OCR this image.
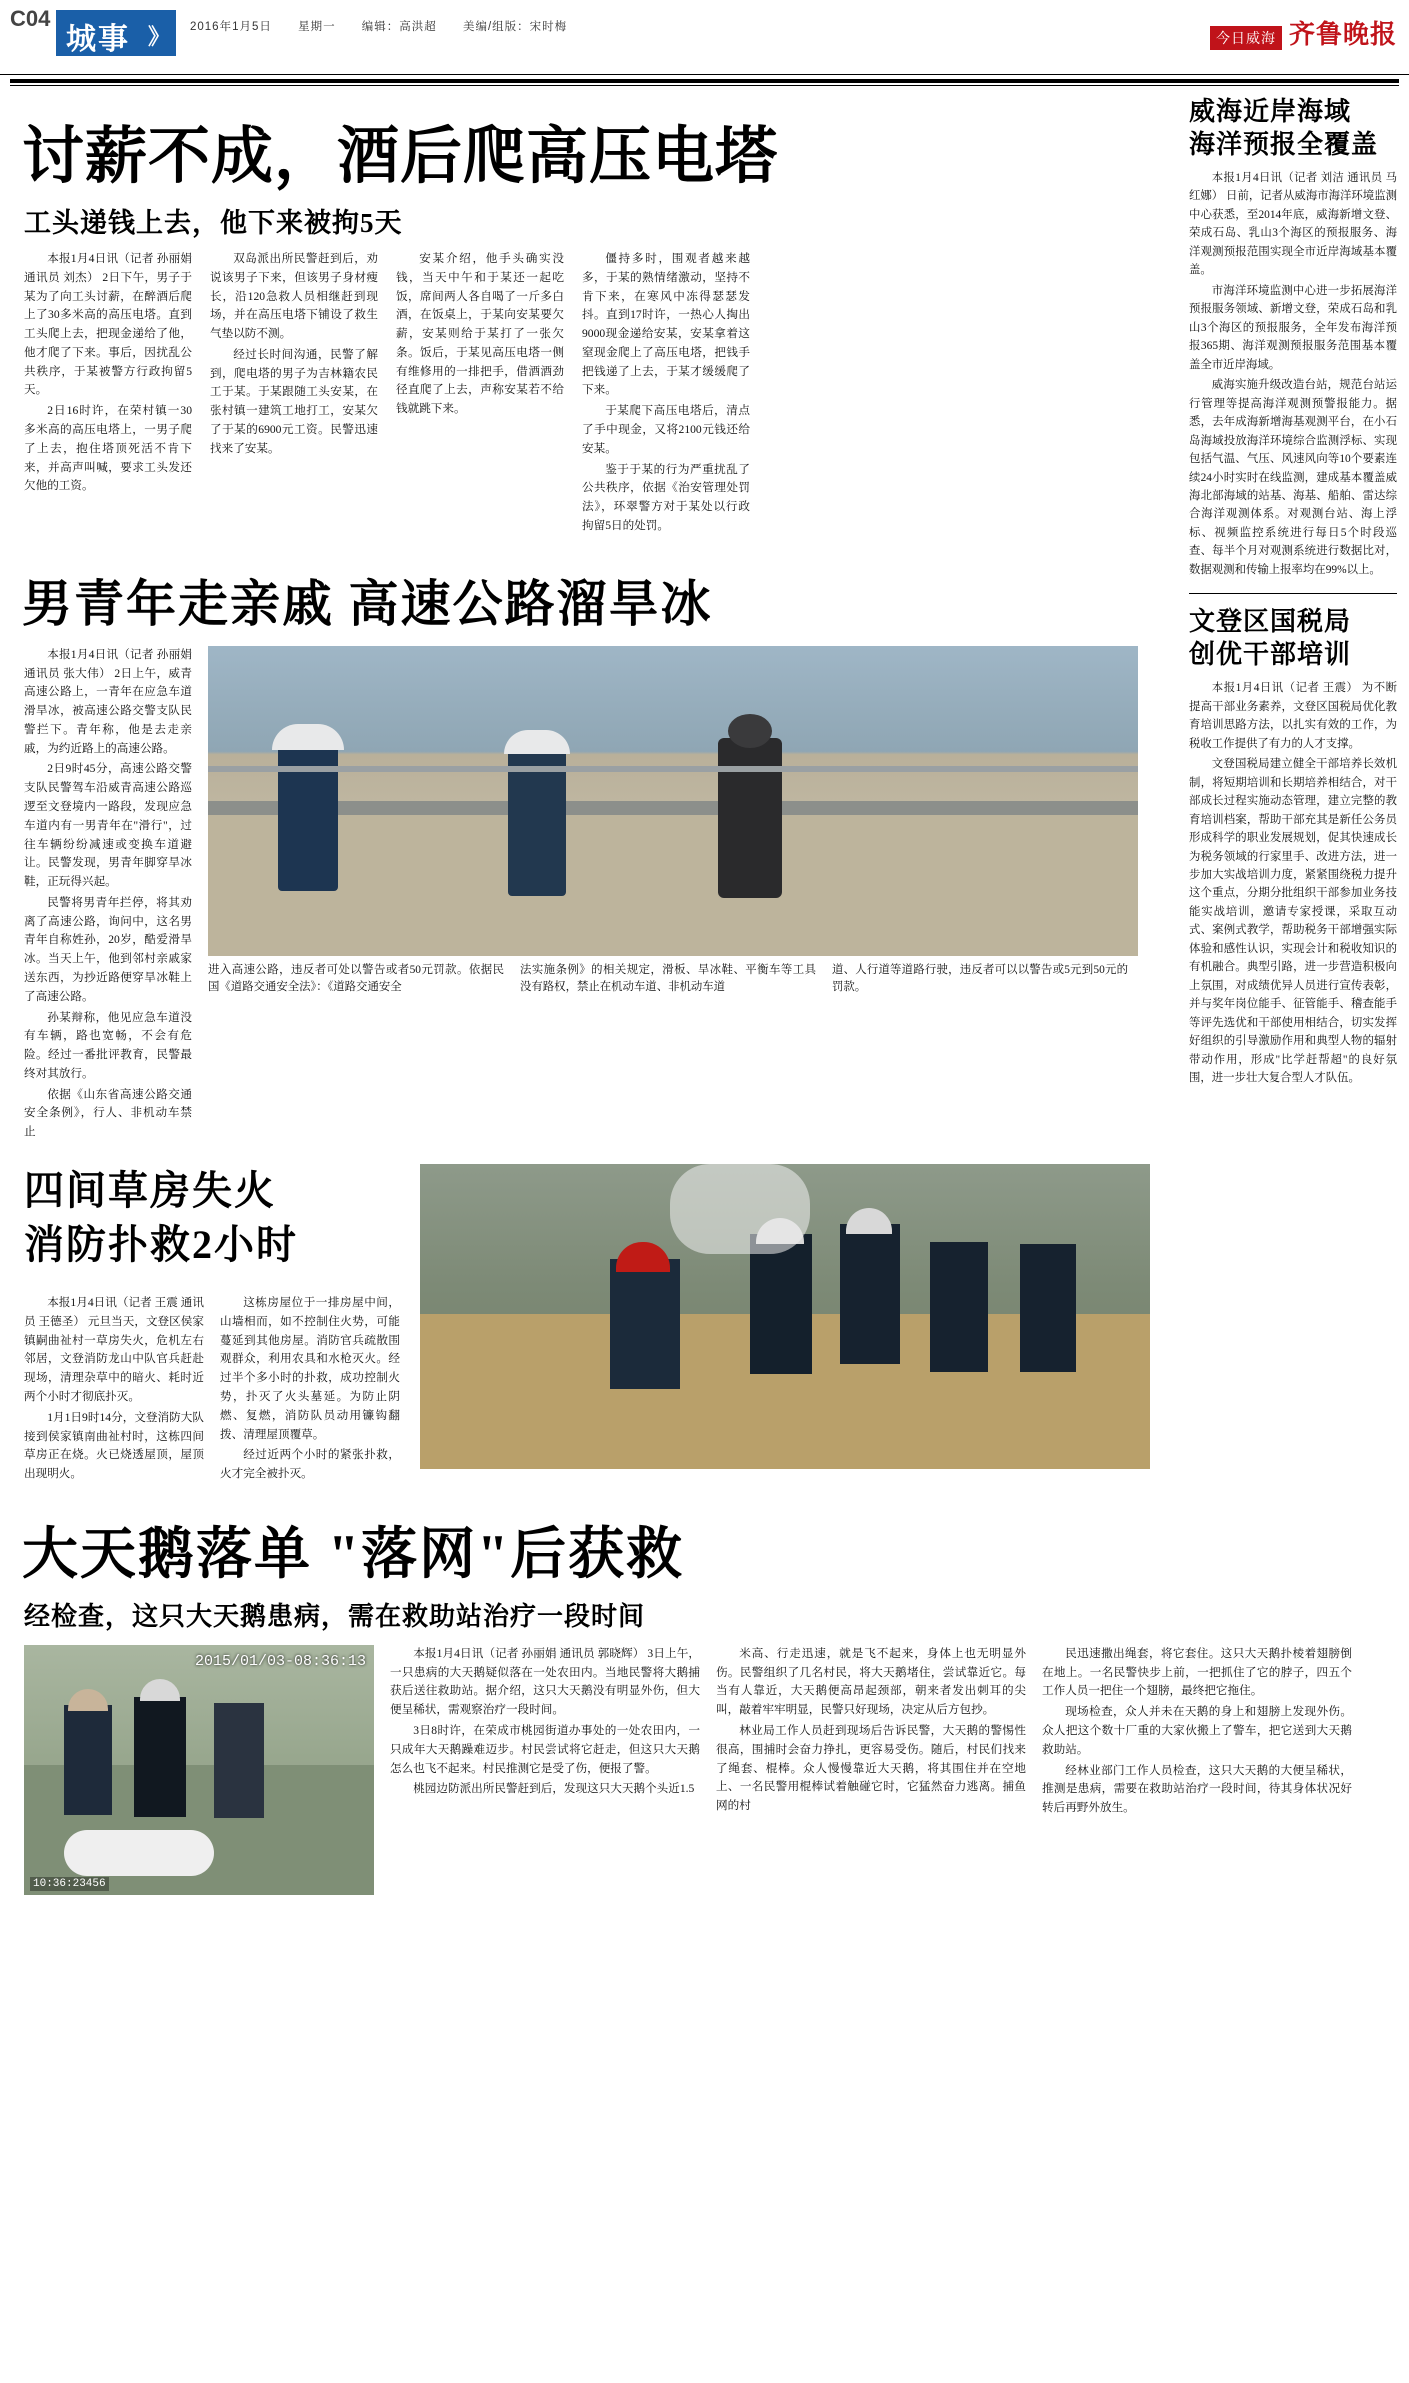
C04
城事 》 2016年1月5日 星期一 编辑：高洪超 美编/组版：宋时梅
今日威海 齐鲁晚报
威海近岸海域
海洋预报全覆盖

本报1月4日讯（记者 刘洁 通讯员 马红娜） 日前，记者从威海市海洋环境监测中心获悉，至2014年底，威海新增文登、荣成石岛、乳山3个海区的预报服务、海洋观测预报范围实现全市近岸海域基本覆盖。

市海洋环境监测中心进一步拓展海洋预报服务领域、新增文登，荣成石岛和乳山3个海区的预报服务，全年发布海洋预报365期、海洋观测预报服务范围基本覆盖全市近岸海域。

威海实施升级改造台站，规范台站运行管理等提高海洋观测预警报能力。据悉，去年成海新增海基观测平台，在小石岛海域投放海洋环境综合监测浮标、实现包括气温、气压、风速风向等10个要素连续24小时实时在线监测，建成基本覆盖威海北部海域的站基、海基、船舶、雷达综合海洋观测体系。对观测台站、海上浮标、视频监控系统进行每日5个时段巡查、每半个月对观测系统进行数据比对，数据观测和传输上报率均在99%以上。

文登区国税局
创优干部培训

本报1月4日讯（记者 王震） 为不断提高干部业务素养，文登区国税局优化教育培训思路方法，以扎实有效的工作，为税收工作提供了有力的人才支撑。

文登国税局建立健全干部培养长效机制，将短期培训和长期培养相结合，对干部成长过程实施动态管理，建立完整的教育培训档案，帮助干部充其是新任公务员形成科学的职业发展规划，促其快速成长为税务领域的行家里手、改进方法，进一步加大实战培训力度，紧紧围绕税力提升这个重点，分期分批组织干部参加业务技能实战培训，邀请专家授课，采取互动式、案例式教学，帮助税务干部增强实际体验和感性认识，实现会计和税收知识的有机融合。典型引路，进一步营造积极向上氛围，对成绩优异人员进行宣传表彰，并与奖年岗位能手、征管能手、稽查能手等评先选优和干部使用相结合，切实发挥好组织的引导激励作用和典型人物的辐射带动作用，形成"比学赶帮超"的良好氛围，进一步壮大复合型人才队伍。

讨薪不成，酒后爬高压电塔
工头递钱上去，他下来被拘5天

本报1月4日讯（记者 孙丽娟 通讯员 刘杰） 2日下午，男子于某为了向工头讨薪，在醉酒后爬上了30多米高的高压电塔。直到工头爬上去，把现金递给了他，他才爬了下来。事后，因扰乱公共秩序，于某被警方行政拘留5天。

2日16时许，在荣村镇一30多米高的高压电塔上，一男子爬了上去，抱住塔顶死活不肯下来，并高声叫喊，要求工头发还欠他的工资。

双岛派出所民警赶到后，劝说该男子下来，但该男子身材瘦长，沿120急救人员相继赶到现场，并在高压电塔下铺设了救生气垫以防不测。

经过长时间沟通，民警了解到，爬电塔的男子为吉林籍农民工于某。于某跟随工头安某，在张村镇一建筑工地打工，安某欠了于某的6900元工资。民警迅速找来了安某。

安某介绍，他手头确实没钱，当天中午和于某还一起吃饭，席间两人各自喝了一斤多白酒，在饭桌上，于某向安某要欠薪，安某则给于某打了一张欠条。饭后，于某见高压电塔一侧有维修用的一排把手，借酒酒劲径直爬了上去，声称安某若不给钱就跳下来。

僵持多时，围观者越来越多，于某的熟情绪激动，坚持不肯下来，在寒风中冻得瑟瑟发抖。直到17时许，一热心人掏出9000现金递给安某，安某拿着这窒现金爬上了高压电塔，把钱手把钱递了上去，于某才缓缓爬了下来。

于某爬下高压电塔后，清点了手中现金，又将2100元钱还给安某。

鉴于于某的行为严重扰乱了公共秩序，依据《治安管理处罚法》，环翠警方对于某处以行政拘留5日的处罚。

男青年走亲戚 高速公路溜旱冰

本报1月4日讯（记者 孙丽娟 通讯员 张大伟） 2日上午，威青高速公路上，一青年在应急车道滑旱冰，被高速公路交警支队民警拦下。青年称，他是去走亲戚，为约近路上的高速公路。

2日9时45分，高速公路交警支队民警驾车沿威青高速公路巡逻至文登境内一路段，发现应急车道内有一男青年在"滑行"，过往车辆纷纷减速或变换车道避让。民警发现，男青年脚穿旱冰鞋，正玩得兴起。

民警将男青年拦停，将其劝离了高速公路，询问中，这名男青年自称姓孙，20岁，酷爱滑旱冰。当天上午，他到邻村亲戚家送东西，为抄近路便穿旱冰鞋上了高速公路。

孙某辩称，他见应急车道没有车辆，路也宽畅，不会有危险。经过一番批评教育，民警最终对其放行。

依据《山东省高速公路交通安全条例》，行人、非机动车禁止

进入高速公路，违反者可处以警告或者50元罚款。依据民国《道路交通安全法》：《道路交通安全
法实施条例》的相关规定，滑板、旱冰鞋、平衡车等工具没有路权，禁止在机动车道、非机动车道
道、人行道等道路行驶，违反者可以以警告或5元到50元的罚款。
四间草房失火
消防扑救2小时

本报1月4日讯（记者 王震 通讯员 王德圣） 元旦当天，文登区侯家镇嗣曲祉村一草房失火，危机左右邻居，文登消防龙山中队官兵赶赴现场，清理杂草中的暗火、耗时近两个小时才彻底扑灭。

1月1日9时14分，文登消防大队接到侯家镇南曲祉村时，这栋四间草房正在烧。火已烧透屋顶，屋顶出现明火。

这栋房屋位于一排房屋中间，山墙相而，如不控制住火势，可能蔓延到其他房屋。消防官兵疏散围观群众，利用农具和水枪灭火。经过半个多小时的扑救，成功控制火势，扑灭了火头墓延。为防止阴燃、复燃，消防队员动用镰钩翻拨、清理屋顶覆草。

经过近两个小时的紧张扑救，火才完全被扑灭。

大天鹅落单 "落网"后获救
经检查，这只大天鹅患病，需在救助站治疗一段时间
2015/01/03-08:36:13
10:36:23456

本报1月4日讯（记者 孙丽娟 通讯员 郭晓辉） 3日上午，一只患病的大天鹅疑似落在一处农田内。当地民警将大鹅捕获后送往救助站。据介绍，这只大天鹅没有明显外伤，但大便呈稀状，需观察治疗一段时间。

3日8时许，在荣成市桃园街道办事处的一处农田内，一只成年大天鹅躁难迈步。村民尝试将它赶走，但这只大天鹅怎么也飞不起来。村民推测它是受了伤，便报了警。

桃园边防派出所民警赶到后，发现这只大天鹅个头近1.5

米高、行走迅速，就是飞不起来，身体上也无明显外伤。民警组织了几名村民，将大天鹅堵住，尝试靠近它。每当有人靠近，大天鹅便高昂起颈部，朝来者发出刺耳的尖叫，敲着牢牢明显，民警只好现场，决定从后方包抄。

林业局工作人员赶到现场后告诉民警，大天鹅的警惕性很高，围捕时会奋力挣扎，更容易受伤。随后，村民们找来了绳套、棍棒。众人慢慢靠近大天鹅，将其围住并在空地上、一名民警用棍棒试着触碰它时，它猛然奋力逃离。捕鱼网的村

民迅速撒出绳套，将它套住。这只大天鹅扑棱着翅膀倒在地上。一名民警快步上前，一把抓住了它的脖子，四五个工作人员一把住一个翅膀，最终把它拖住。

现场检查，众人并未在天鹅的身上和翅膀上发现外伤。众人把这个数十厂重的大家伙搬上了警车，把它送到大天鹅救助站。

经林业部门工作人员检查，这只大天鹅的大便呈稀状，推测是患病，需要在救助站治疗一段时间，待其身体状况好转后再野外放生。
